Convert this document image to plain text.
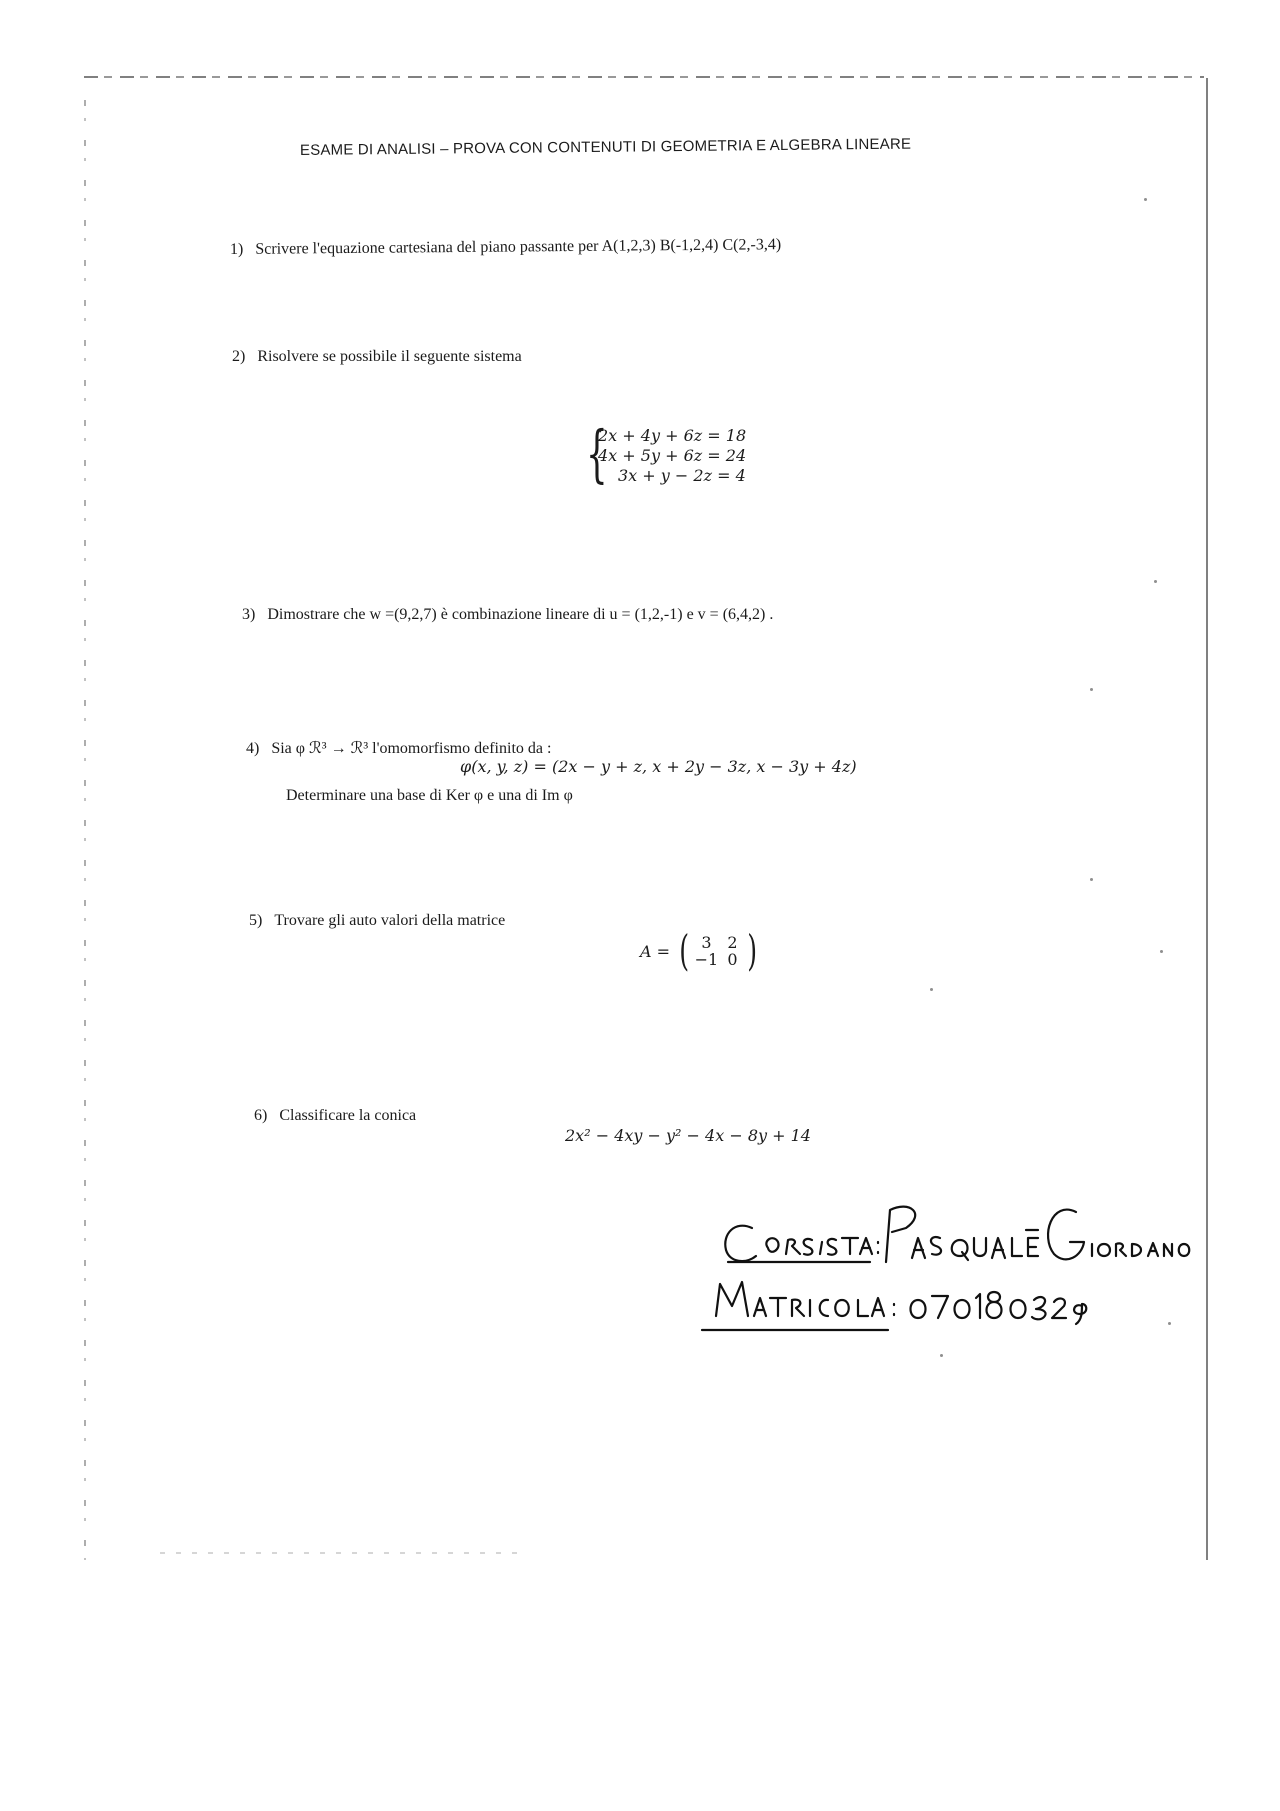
ESAME DI ANALISI – PROVA CON CONTENUTI DI GEOMETRIA E ALGEBRA LINEARE
1) Scrivere l'equazione cartesiana del piano passante per A(1,2,3) B(-1,2,4) C(2,-3,4)
2) Risolvere se possibile il seguente sistema
{
2x + 4y + 6z = 18
4x + 5y + 6z = 24
3x + y − 2z = 4
3) Dimostrare che w =(9,2,7) è combinazione lineare di u = (1,2,-1) e v = (6,4,2) .
4) Sia φ ℛ³ → ℛ³ l'omomorfismo definito da :
φ(x, y, z) = (2x − y + z, x + 2y − 3z, x − 3y + 4z)
Determinare una base di Ker φ e una di Im φ
5) Trovare gli auto valori della matrice
A = ( 3 2
−1 0 )
6) Classificare la conica
2x² − 4xy − y² − 4x − 8y + 14
